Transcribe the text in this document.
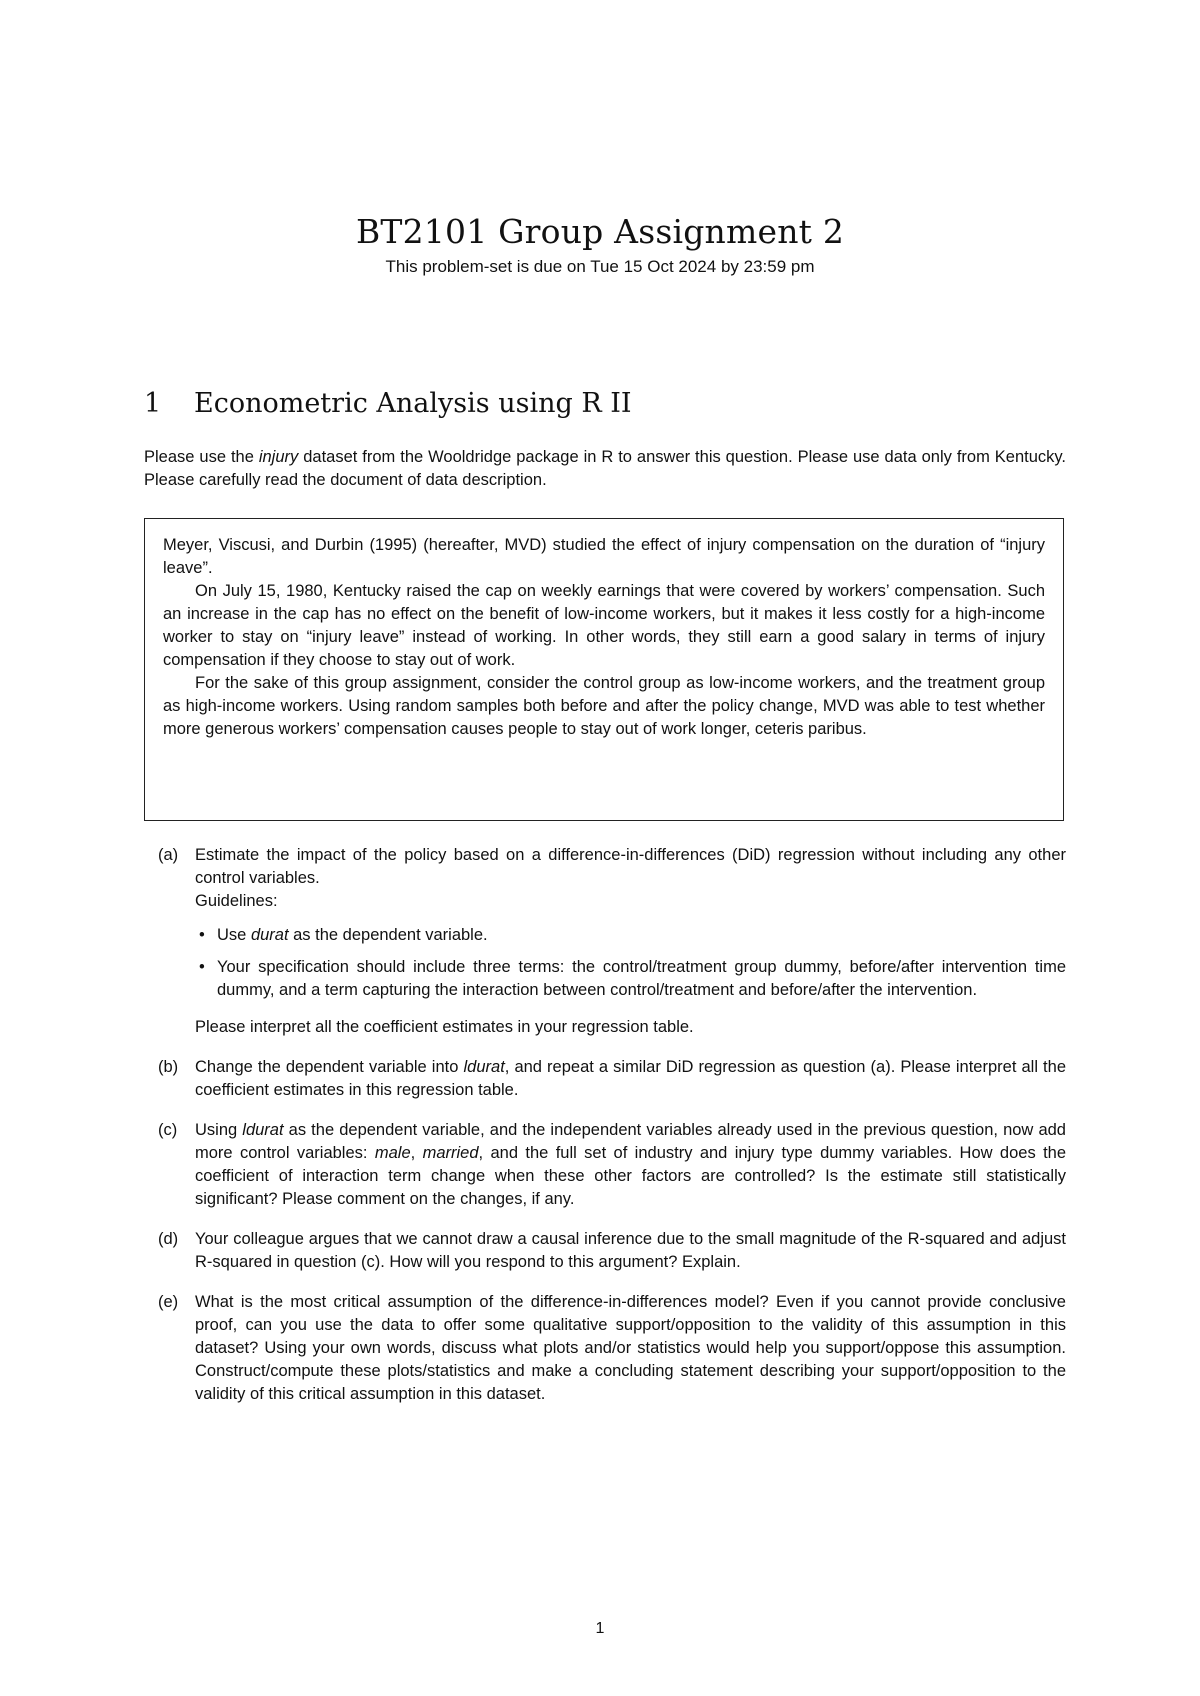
BT2101 Group Assignment 2
This problem-set is due on Tue 15 Oct 2024 by 23:59 pm
1 Econometric Analysis using R II

Please use the injury dataset from the Wooldridge package in R to answer this question. Please use data only from Kentucky. Please carefully read the document of data description.

Meyer, Viscusi, and Durbin (1995) (hereafter, MVD) studied the effect of injury compensation on the duration of “injury leave”.

On July 15, 1980, Kentucky raised the cap on weekly earnings that were covered by workers’ compensation. Such an increase in the cap has no effect on the benefit of low-income workers, but it makes it less costly for a high-income worker to stay on “injury leave” instead of working. In other words, they still earn a good salary in terms of injury compensation if they choose to stay out of work.

For the sake of this group assignment, consider the control group as low-income workers, and the treatment group as high-income workers. Using random samples both before and after the policy change, MVD was able to test whether more generous workers’ compensation causes people to stay out of work longer, ceteris paribus.

(a) Estimate the impact of the policy based on a difference-in-differences (DiD) regression without including any other control variables.

Guidelines:

• Use durat as the dependent variable.
• Your specification should include three terms: the control/treatment group dummy, before/after intervention time dummy, and a term capturing the interaction between control/treatment and before/after the intervention.

Please interpret all the coefficient estimates in your regression table.

(b) Change the dependent variable into ldurat, and repeat a similar DiD regression as question (a). Please interpret all the coefficient estimates in this regression table.

(c) Using ldurat as the dependent variable, and the independent variables already used in the previous question, now add more control variables: male, married, and the full set of industry and injury type dummy variables. How does the coefficient of interaction term change when these other factors are controlled? Is the estimate still statistically significant? Please comment on the changes, if any.

(d) Your colleague argues that we cannot draw a causal inference due to the small magnitude of the R-squared and adjust R-squared in question (c). How will you respond to this argument? Explain.

(e) What is the most critical assumption of the difference-in-differences model? Even if you cannot provide conclusive proof, can you use the data to offer some qualitative support/opposition to the validity of this assumption in this dataset? Using your own words, discuss what plots and/or statistics would help you support/oppose this assumption. Construct/compute these plots/statistics and make a concluding statement describing your support/opposition to the validity of this critical assumption in this dataset.

1
